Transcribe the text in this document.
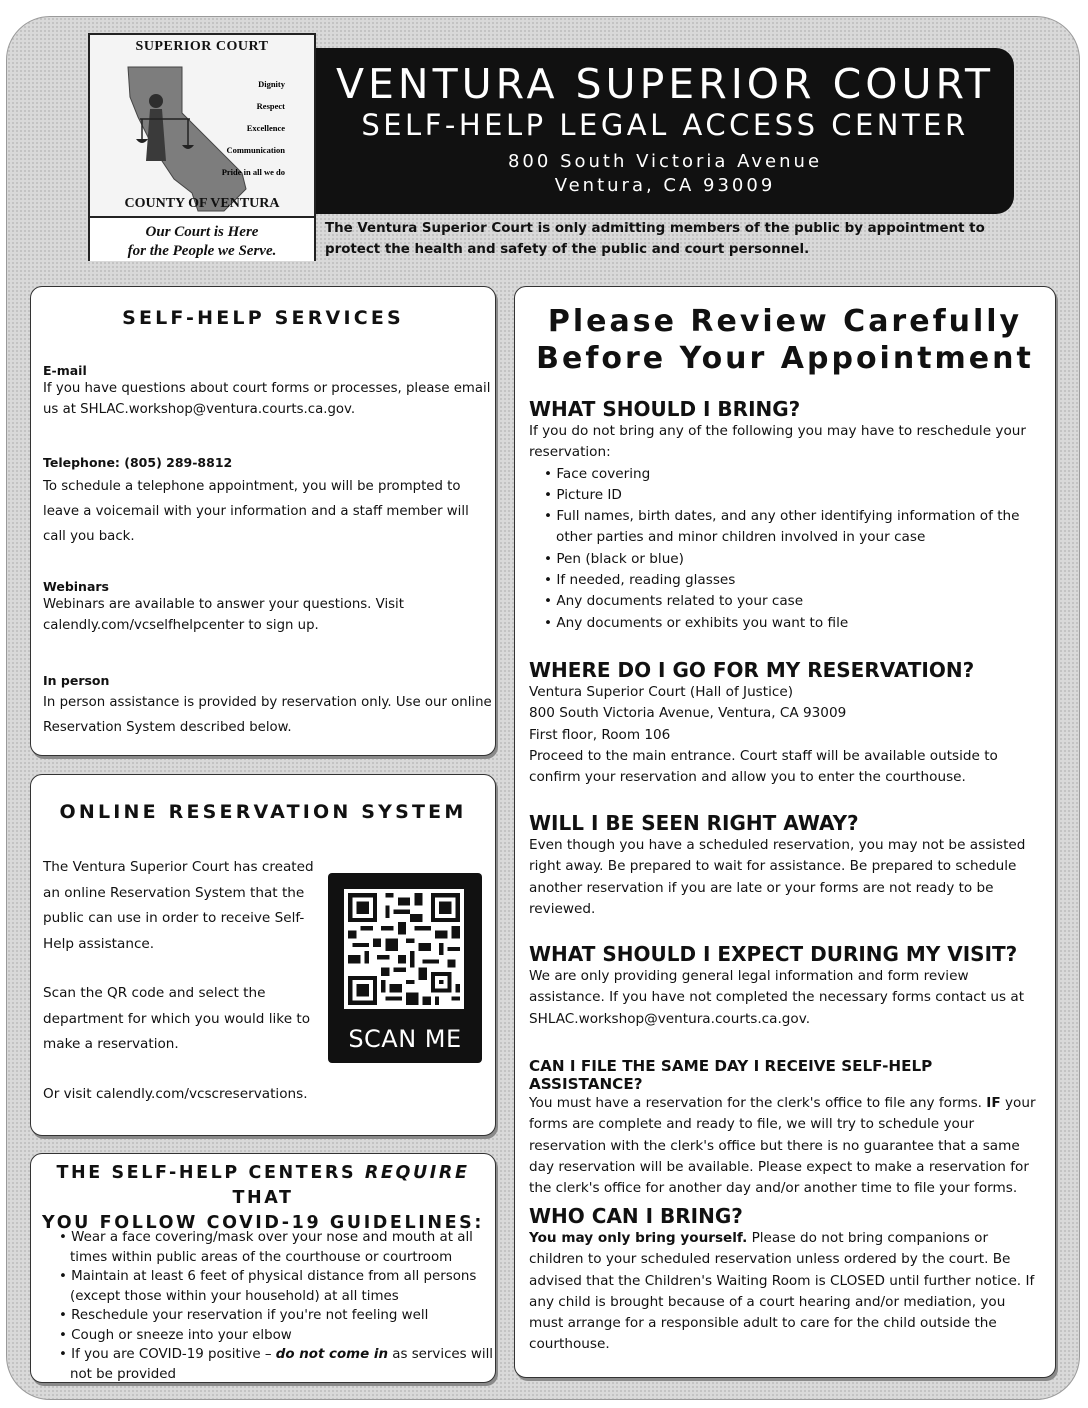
SUPERIOR COURT
Dignity
Respect
Excellence
Communication
Pride in all we do
COUNTY OF VENTURA
Our Court is Here
for the People we Serve.
VENTURA SUPERIOR COURT
SELF-HELP LEGAL ACCESS CENTER
800 South Victoria Avenue
Ventura, CA 93009
The Ventura Superior Court is only admitting members of the public by appointment to protect the health and safety of the public and court personnel.
SELF-HELP SERVICES
E-mail
If you have questions about court forms or processes, please email us at SHLAC.workshop@ventura.courts.ca.gov.
Telephone: (805) 289-8812
To schedule a telephone appointment, you will be prompted to leave a voicemail with your information and a staff member will call you back.
Webinars
Webinars are available to answer your questions. Visit calendly.com/vcselfhelpcenter to sign up.
In person
In person assistance is provided by reservation only. Use our online Reservation System described below.
ONLINE RESERVATION SYSTEM
The Ventura Superior Court has created an online Reservation System that the public can use in order to receive Self-Help assistance.
Scan the QR code and select the department for which you would like to make a reservation.
Or visit calendly.com/vcscreservations.
SCAN ME
THE SELF-HELP CENTERS REQUIRE THAT
YOU FOLLOW COVID-19 GUIDELINES:
• Wear a face covering/mask over your nose and mouth at all times within public areas of the courthouse or courtroom
• Maintain at least 6 feet of physical distance from all persons (except those within your household) at all times
• Reschedule your reservation if you're not feeling well
• Cough or sneeze into your elbow
• If you are COVID-19 positive – do not come in as services will not be provided
Please Review Carefully
Before Your Appointment
WHAT SHOULD I BRING?
If you do not bring any of the following you may have to reschedule your reservation:
• Face covering
• Picture ID
• Full names, birth dates, and any other identifying information of the other parties and minor children involved in your case
• Pen (black or blue)
• If needed, reading glasses
• Any documents related to your case
• Any documents or exhibits you want to file
WHERE DO I GO FOR MY RESERVATION?
Ventura Superior Court (Hall of Justice)
800 South Victoria Avenue, Ventura, CA 93009
First floor, Room 106
Proceed to the main entrance. Court staff will be available outside to confirm your reservation and allow you to enter the courthouse.
WILL I BE SEEN RIGHT AWAY?
Even though you have a scheduled reservation, you may not be assisted right away. Be prepared to wait for assistance. Be prepared to schedule another reservation if you are late or your forms are not ready to be reviewed.
WHAT SHOULD I EXPECT DURING MY VISIT?
We are only providing general legal information and form review assistance. If you have not completed the necessary forms contact us at SHLAC.workshop@ventura.courts.ca.gov.
CAN I FILE THE SAME DAY I RECEIVE SELF-HELP ASSISTANCE?
You must have a reservation for the clerk's office to file any forms. IF your forms are complete and ready to file, we will try to schedule your reservation with the clerk's office but there is no guarantee that a same day reservation will be available. Please expect to make a reservation for the clerk's office for another day and/or another time to file your forms.
WHO CAN I BRING?
You may only bring yourself. Please do not bring companions or children to your scheduled reservation unless ordered by the court. Be advised that the Children's Waiting Room is CLOSED until further notice. If any child is brought because of a court hearing and/or mediation, you must arrange for a responsible adult to care for the child outside the courthouse.
